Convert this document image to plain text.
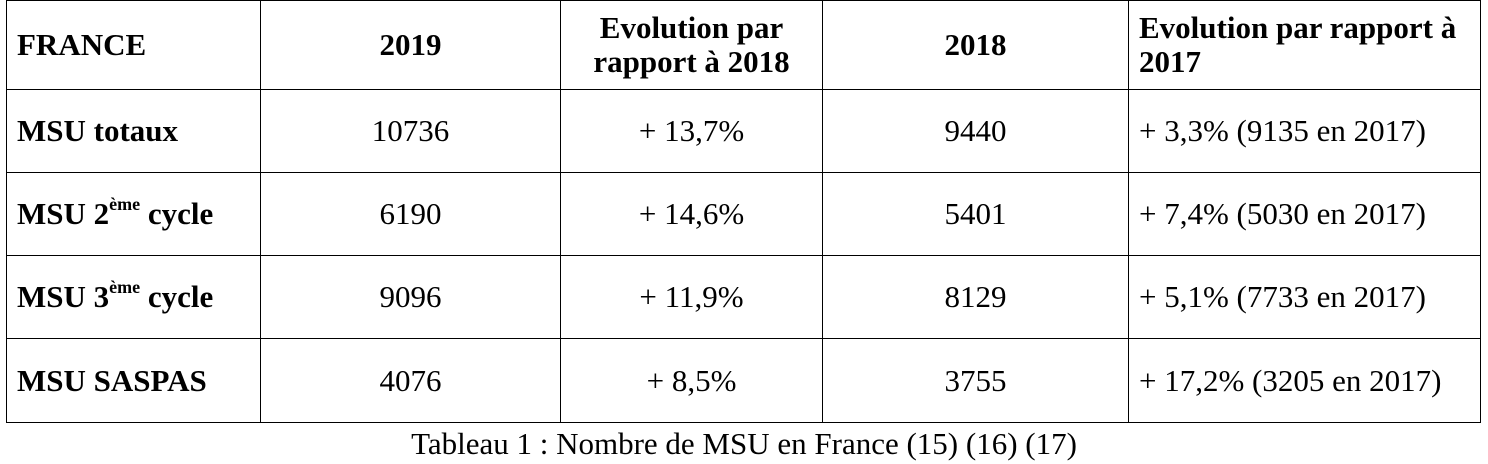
FRANCE	2019	Evolution par rapport à 2018	2018	Evolution par rapport à 2017
MSU totaux	10736	+ 13,7%	9440	+ 3,3% (9135 en 2017)
MSU 2ème cycle	6190	+ 14,6%	5401	+ 7,4% (5030 en 2017)
MSU 3ème cycle	9096	+ 11,9%	8129	+ 5,1% (7733 en 2017)
MSU SASPAS	4076	+ 8,5%	3755	+ 17,2% (3205 en 2017)
Tableau 1 : Nombre de MSU en France (15) (16) (17)
